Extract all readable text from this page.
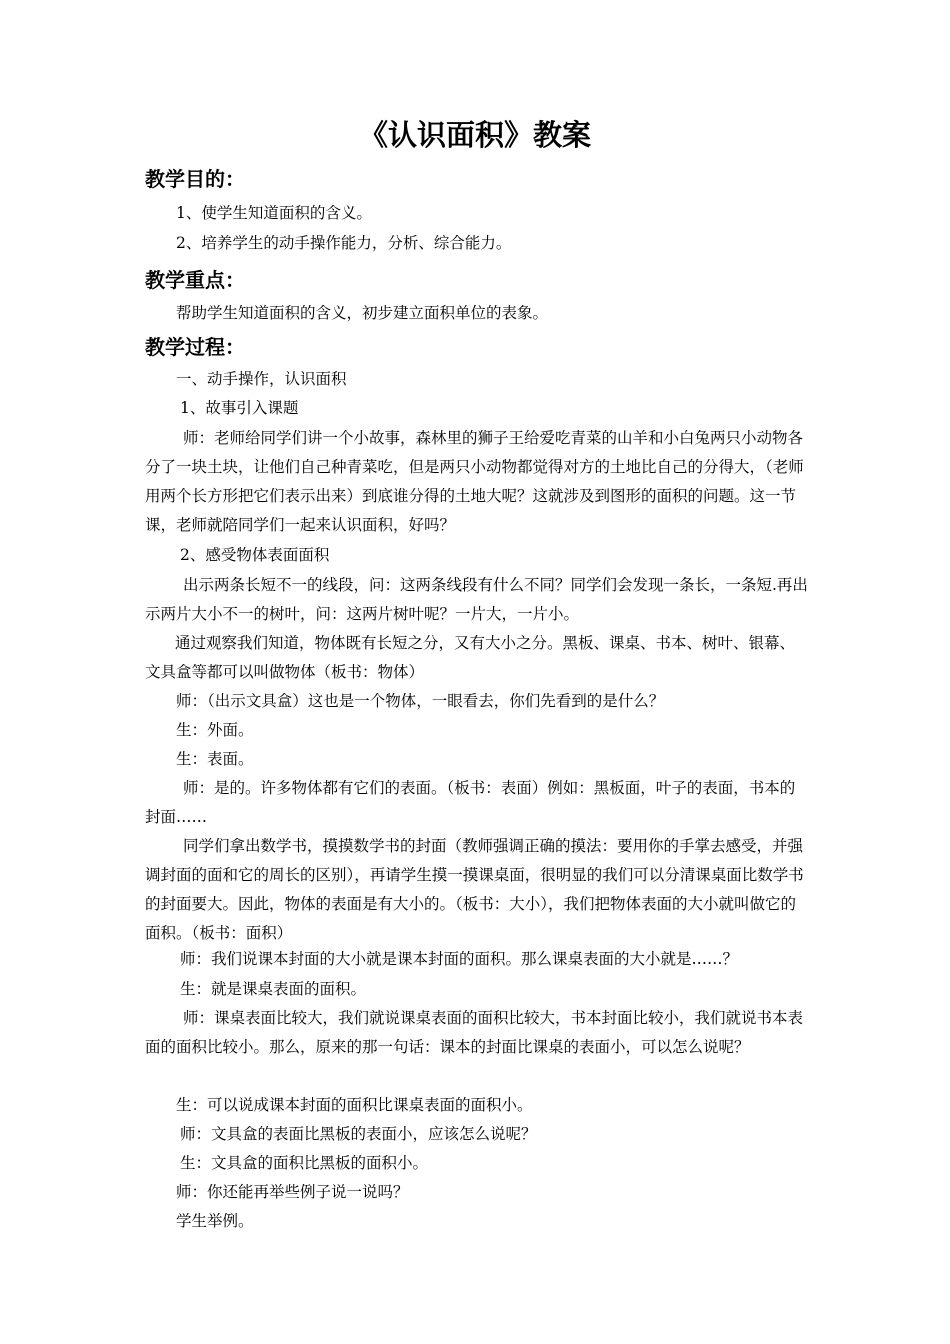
《认识面积》教案
教学目的：
1、使学生知道面积的含义。
2、培养学生的动手操作能力，分析、综合能力。
教学重点：
帮助学生知道面积的含义，初步建立面积单位的表象。
教学过程：
一、动手操作，认识面积
1、故事引入课题
师：老师给同学们讲一个小故事，森林里的狮子王给爱吃青菜的山羊和小白兔两只小动物各分了一块土块，让他们自己种青菜吃，但是两只小动物都觉得对方的土地比自己的分得大，（老师用两个长方形把它们表示出来）到底谁分得的土地大呢？这就涉及到图形的面积的问题。这一节课，老师就陪同学们一起来认识面积，好吗？
2、感受物体表面面积
出示两条长短不一的线段，问：这两条线段有什么不同？同学们会发现一条长，一条短.再出示两片大小不一的树叶，问：这两片树叶呢？一片大，一片小。
通过观察我们知道，物体既有长短之分，又有大小之分。黑板、课桌、书本、树叶、银幕、文具盒等都可以叫做物体（板书：物体）
师：（出示文具盒）这也是一个物体，一眼看去，你们先看到的是什么？
生：外面。
生：表面。
师：是的。许多物体都有它们的表面。（板书：表面）例如：黑板面，叶子的表面，书本的封面……
同学们拿出数学书，摸摸数学书的封面（教师强调正确的摸法：要用你的手掌去感受，并强调封面的面和它的周长的区别），再请学生摸一摸课桌面，很明显的我们可以分清课桌面比数学书的封面要大。因此，物体的表面是有大小的。（板书：大小），我们把物体表面的大小就叫做它的面积。（板书：面积）
师：我们说课本封面的大小就是课本封面的面积。那么课桌表面的大小就是……？
生：就是课桌表面的面积。
师：课桌表面比较大，我们就说课桌表面的面积比较大，书本封面比较小，我们就说书本表面的面积比较小。那么，原来的那一句话：课本的封面比课桌的表面小，可以怎么说呢？
生：可以说成课本封面的面积比课桌表面的面积小。
师：文具盒的表面比黑板的表面小，应该怎么说呢？
生：文具盒的面积比黑板的面积小。
师：你还能再举些例子说一说吗？
学生举例。
